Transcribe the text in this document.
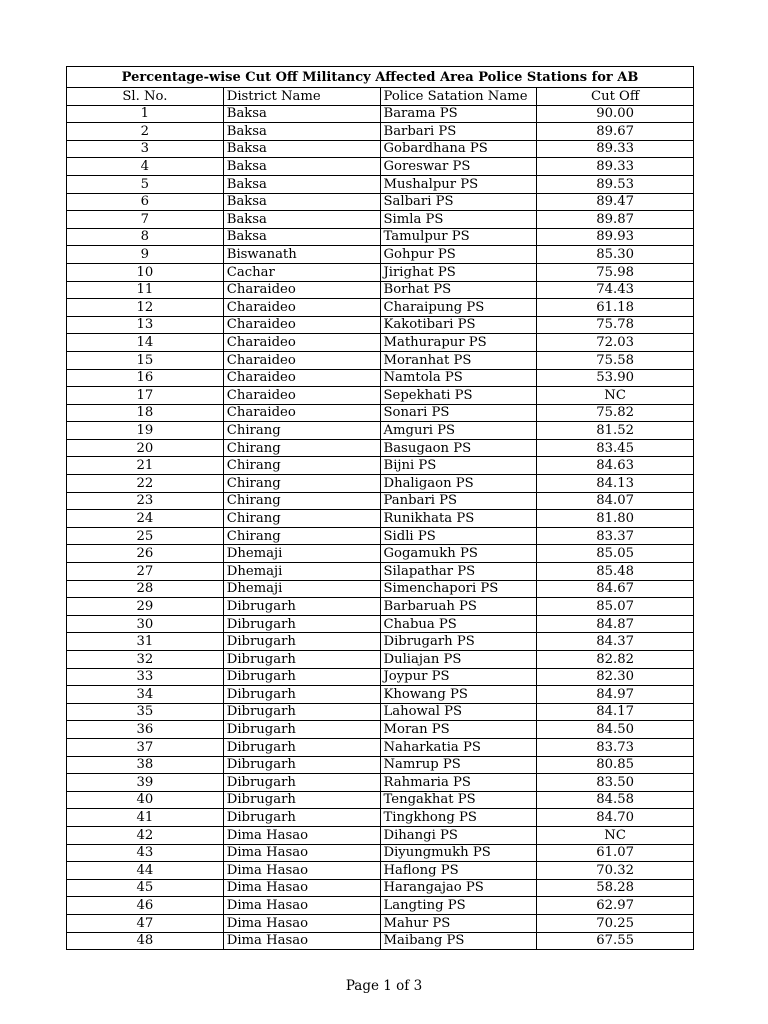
Percentage-wise Cut Off Militancy Affected Area Police Stations for AB			
Sl. No.	District Name	Police Satation Name	Cut Off
1	Baksa	Barama PS	90.00
2	Baksa	Barbari PS	89.67
3	Baksa	Gobardhana PS	89.33
4	Baksa	Goreswar PS	89.33
5	Baksa	Mushalpur PS	89.53
6	Baksa	Salbari PS	89.47
7	Baksa	Simla PS	89.87
8	Baksa	Tamulpur PS	89.93
9	Biswanath	Gohpur PS	85.30
10	Cachar	Jirighat PS	75.98
11	Charaideo	Borhat PS	74.43
12	Charaideo	Charaipung PS	61.18
13	Charaideo	Kakotibari PS	75.78
14	Charaideo	Mathurapur PS	72.03
15	Charaideo	Moranhat PS	75.58
16	Charaideo	Namtola PS	53.90
17	Charaideo	Sepekhati PS	NC
18	Charaideo	Sonari PS	75.82
19	Chirang	Amguri PS	81.52
20	Chirang	Basugaon PS	83.45
21	Chirang	Bijni PS	84.63
22	Chirang	Dhaligaon PS	84.13
23	Chirang	Panbari PS	84.07
24	Chirang	Runikhata PS	81.80
25	Chirang	Sidli PS	83.37
26	Dhemaji	Gogamukh PS	85.05
27	Dhemaji	Silapathar PS	85.48
28	Dhemaji	Simenchapori PS	84.67
29	Dibrugarh	Barbaruah PS	85.07
30	Dibrugarh	Chabua PS	84.87
31	Dibrugarh	Dibrugarh PS	84.37
32	Dibrugarh	Duliajan PS	82.82
33	Dibrugarh	Joypur PS	82.30
34	Dibrugarh	Khowang PS	84.97
35	Dibrugarh	Lahowal PS	84.17
36	Dibrugarh	Moran PS	84.50
37	Dibrugarh	Naharkatia PS	83.73
38	Dibrugarh	Namrup PS	80.85
39	Dibrugarh	Rahmaria PS	83.50
40	Dibrugarh	Tengakhat PS	84.58
41	Dibrugarh	Tingkhong PS	84.70
42	Dima Hasao	Dihangi PS	NC
43	Dima Hasao	Diyungmukh PS	61.07
44	Dima Hasao	Haflong PS	70.32
45	Dima Hasao	Harangajao PS	58.28
46	Dima Hasao	Langting PS	62.97
47	Dima Hasao	Mahur PS	70.25
48	Dima Hasao	Maibang PS	67.55
Page 1 of 3
